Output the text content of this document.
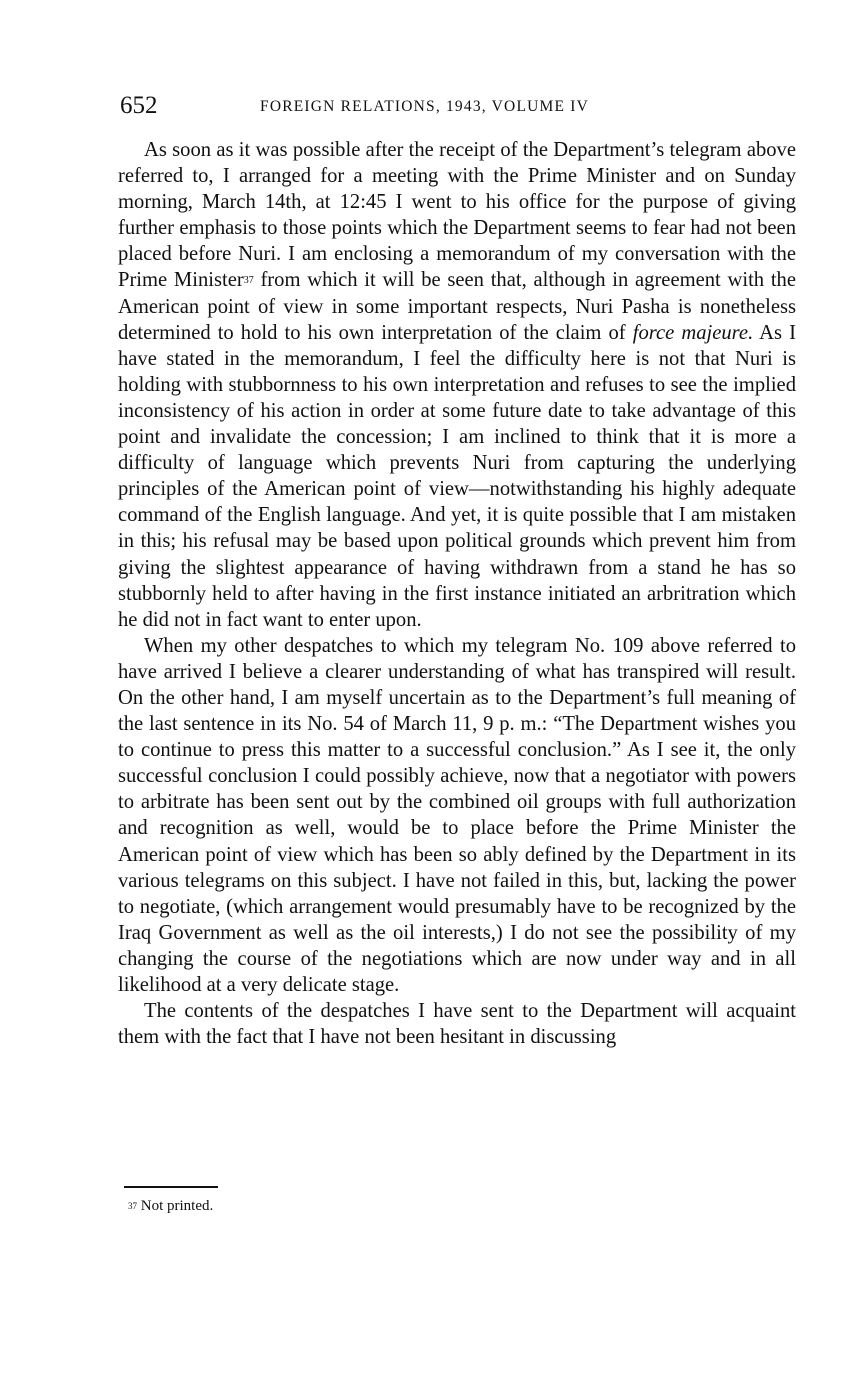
652	FOREIGN RELATIONS, 1943, VOLUME IV

As soon as it was possible after the receipt of the Department’s telegram above referred to, I arranged for a meeting with the Prime Minister and on Sunday morning, March 14th, at 12:45 I went to his office for the purpose of giving further emphasis to those points which the Department seems to fear had not been placed before Nuri. I am enclosing a memorandum of my conversation with the Prime Minister$^{37}$ from which it will be seen that, although in agreement with the American point of view in some important respects, Nuri Pasha is nonetheless determined to hold to his own interpretation of the claim of force majeure. As I have stated in the memorandum, I feel the difficulty here is not that Nuri is holding with stubbornness to his own interpretation and refuses to see the implied inconsistency of his action in order at some future date to take advantage of this point and invalidate the concession; I am inclined to think that it is more a difficulty of language which prevents Nuri from capturing the underlying principles of the American point of view—notwithstanding his highly adequate command of the English language. And yet, it is quite possible that I am mistaken in this; his refusal may be based upon political grounds which prevent him from giving the slightest appearance of having withdrawn from a stand he has so stubbornly held to after having in the first instance initiated an arbritration which he did not in fact want to enter upon.

When my other despatches to which my telegram No. 109 above referred to have arrived I believe a clearer understanding of what has transpired will result. On the other hand, I am myself uncertain as to the Department’s full meaning of the last sentence in its No. 54 of March 11, 9 p. m.: “The Department wishes you to continue to press this matter to a successful conclusion.” As I see it, the only successful conclusion I could possibly achieve, now that a negotiator with powers to arbitrate has been sent out by the combined oil groups with full authorization and recognition as well, would be to place before the Prime Minister the American point of view which has been so ably defined by the Department in its various telegrams on this subject. I have not failed in this, but, lacking the power to negotiate, (which arrangement would presumably have to be recognized by the Iraq Government as well as the oil interests,) I do not see the possibility of my changing the course of the negotiations which are now under way and in all likelihood at a very delicate stage.

The contents of the despatches I have sent to the Department will acquaint them with the fact that I have not been hesitant in discussing

$^{37}$ Not printed.
